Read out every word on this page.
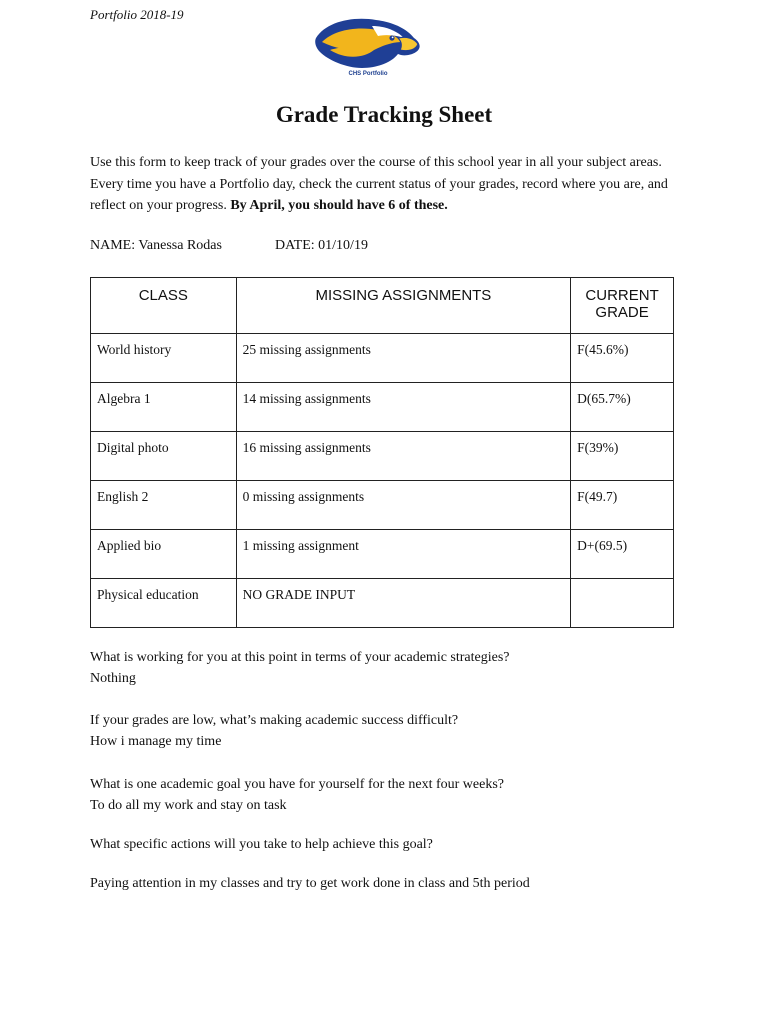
Portfolio 2018-19
CHS Portfolio
Grade Tracking Sheet
Use this form to keep track of your grades over the course of this school year in all your subject areas. Every time you have a Portfolio day, check the current status of your grades, record where you are, and reflect on your progress. By April, you should have 6 of these.
NAME: Vanessa Rodas	DATE: 01/10/19
CLASS	MISSING ASSIGNMENTS	CURRENT GRADE
World history	25 missing assignments	F(45.6%)
Algebra 1	14 missing assignments	D(65.7%)
Digital photo	16 missing assignments	F(39%)
English 2	0 missing assignments	F(49.7)
Applied bio	1 missing assignment	D+(69.5)
Physical education	NO GRADE INPUT	
What is working for you at this point in terms of your academic strategies?
Nothing
If your grades are low, what’s making academic success difficult?
How i manage my time
What is one academic goal you have for yourself for the next four weeks?
To do all my work and stay on task
What specific actions will you take to help achieve this goal?
Paying attention in my classes and try to get work done in class and 5th period
